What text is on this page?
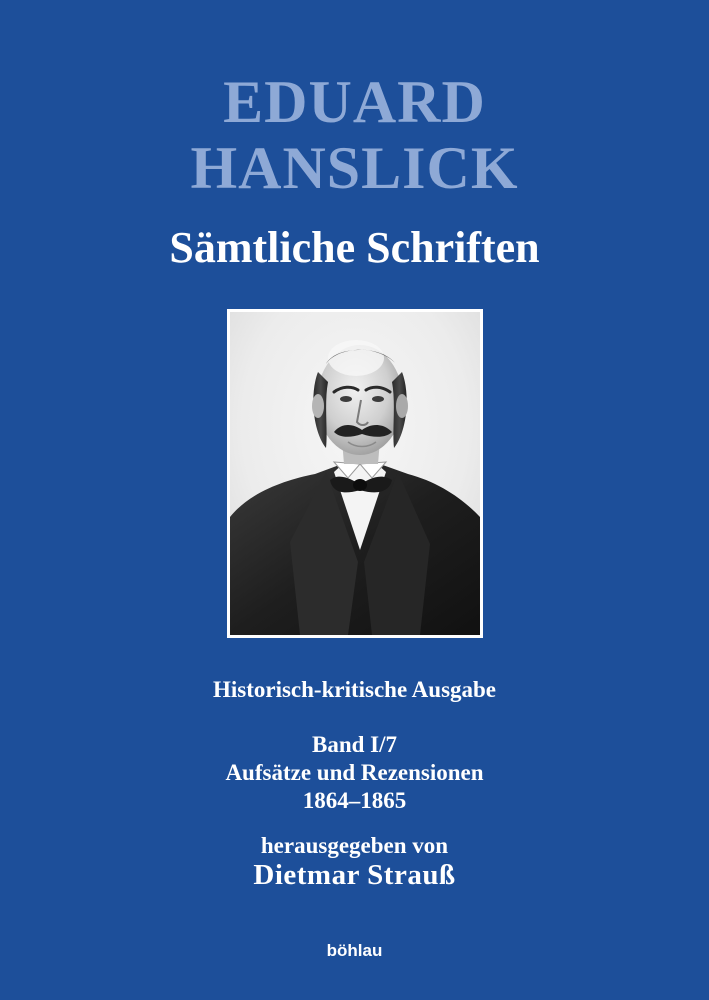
EDUARD
HANSLICK
Sämtliche Schriften
Historisch-kritische Ausgabe
Band I/7
Aufsätze und Rezensionen
1864–1865
herausgegeben von
Dietmar Strauß
böhlau
